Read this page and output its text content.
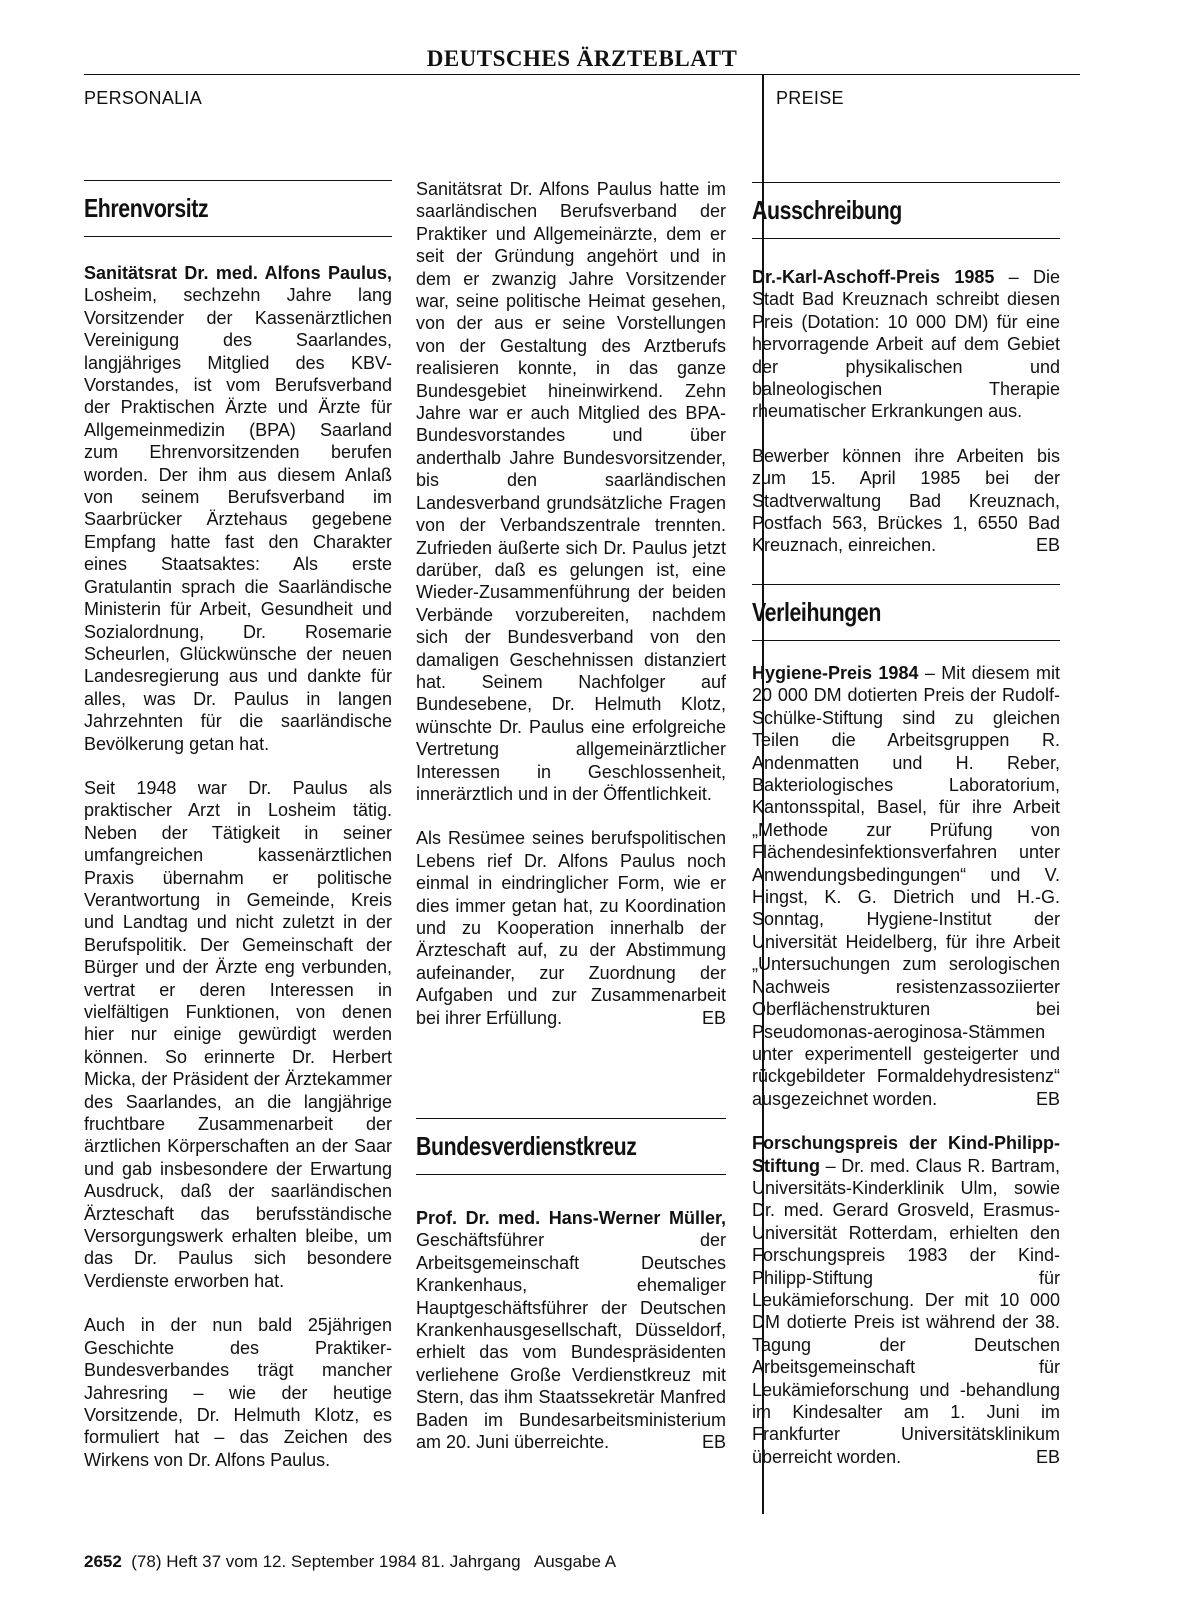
DEUTSCHES ÄRZTEBLATT
PERSONALIA	PREISE
Ehrenvorsitz

Sanitätsrat Dr. med. Alfons Paulus, Losheim, sechzehn Jahre lang Vorsitzender der Kassenärztlichen Vereinigung des Saarlandes, langjähriges Mitglied des KBV-Vorstandes, ist vom Berufsverband der Praktischen Ärzte und Ärzte für Allgemeinmedizin (BPA) Saarland zum Ehrenvorsitzenden berufen worden. Der ihm aus diesem Anlaß von seinem Berufsverband im Saarbrücker Ärztehaus gegebene Empfang hatte fast den Charakter eines Staatsaktes: Als erste Gratulantin sprach die Saarländische Ministerin für Arbeit, Gesundheit und Sozialordnung, Dr. Rosemarie Scheurlen, Glückwünsche der neuen Landesregierung aus und dankte für alles, was Dr. Paulus in langen Jahrzehnten für die saarländische Bevölkerung getan hat.

Seit 1948 war Dr. Paulus als praktischer Arzt in Losheim tätig. Neben der Tätigkeit in seiner umfangreichen kassenärztlichen Praxis übernahm er politische Verantwortung in Gemeinde, Kreis und Landtag und nicht zuletzt in der Berufspolitik. Der Gemeinschaft der Bürger und der Ärzte eng verbunden, vertrat er deren Interessen in vielfältigen Funktionen, von denen hier nur einige gewürdigt werden können. So erinnerte Dr. Herbert Micka, der Präsident der Ärztekammer des Saarlandes, an die langjährige fruchtbare Zusammenarbeit der ärztlichen Körperschaften an der Saar und gab insbesondere der Erwartung Ausdruck, daß der saarländischen Ärzteschaft das berufsständische Versorgungswerk erhalten bleibe, um das Dr. Paulus sich besondere Verdienste erworben hat.

Auch in der nun bald 25jährigen Geschichte des Praktiker-Bundesverbandes trägt mancher Jahresring – wie der heutige Vorsitzende, Dr. Helmuth Klotz, es formuliert hat – das Zeichen des Wirkens von Dr. Alfons Paulus.

Sanitätsrat Dr. Alfons Paulus hatte im saarländischen Berufsverband der Praktiker und Allgemeinärzte, dem er seit der Gründung angehört und in dem er zwanzig Jahre Vorsitzender war, seine politische Heimat gesehen, von der aus er seine Vorstellungen von der Gestaltung des Arztberufs realisieren konnte, in das ganze Bundesgebiet hineinwirkend. Zehn Jahre war er auch Mitglied des BPA-Bundesvorstandes und über anderthalb Jahre Bundesvorsitzender, bis den saarländischen Landesverband grundsätzliche Fragen von der Verbandszentrale trennten. Zufrieden äußerte sich Dr. Paulus jetzt darüber, daß es gelungen ist, eine Wieder-Zusammenführung der beiden Verbände vorzubereiten, nachdem sich der Bundesverband von den damaligen Geschehnissen distanziert hat. Seinem Nachfolger auf Bundesebene, Dr. Helmuth Klotz, wünschte Dr. Paulus eine erfolgreiche Vertretung allgemeinärztlicher Interessen in Geschlossenheit, innerärztlich und in der Öffentlichkeit.

Als Resümee seines berufspolitischen Lebens rief Dr. Alfons Paulus noch einmal in eindringlicher Form, wie er dies immer getan hat, zu Koordination und zu Kooperation innerhalb der Ärzteschaft auf, zu der Abstimmung aufeinander, zur Zuordnung der Aufgaben und zur Zusammenarbeit bei ihrer Erfüllung.	EB

Bundesverdienstkreuz

Prof. Dr. med. Hans-Werner Müller, Geschäftsführer der Arbeitsgemeinschaft Deutsches Krankenhaus, ehemaliger Hauptgeschäftsführer der Deutschen Krankenhausgesellschaft, Düsseldorf, erhielt das vom Bundespräsidenten verliehene Große Verdienstkreuz mit Stern, das ihm Staatssekretär Manfred Baden im Bundesarbeitsministerium am 20. Juni überreichte.	EB

Ausschreibung

Dr.-Karl-Aschoff-Preis 1985 – Die Stadt Bad Kreuznach schreibt diesen Preis (Dotation: 10 000 DM) für eine hervorragende Arbeit auf dem Gebiet der physikalischen und balneologischen Therapie rheumatischer Erkrankungen aus.

Bewerber können ihre Arbeiten bis zum 15. April 1985 bei der Stadtverwaltung Bad Kreuznach, Postfach 563, Brückes 1, 6550 Bad Kreuznach, einreichen.	EB

Verleihungen

Hygiene-Preis 1984 – Mit diesem mit 20 000 DM dotierten Preis der Rudolf-Schülke-Stiftung sind zu gleichen Teilen die Arbeitsgruppen R. Andenmatten und H. Reber, Bakteriologisches Laboratorium, Kantonsspital, Basel, für ihre Arbeit „Methode zur Prüfung von Flächendesinfektionsverfahren unter Anwendungsbedingungen“ und V. Hingst, K. G. Dietrich und H.-G. Sonntag, Hygiene-Institut der Universität Heidelberg, für ihre Arbeit „Untersuchungen zum serologischen Nachweis resistenzassoziierter Oberflächenstrukturen bei Pseudomonas-aeroginosa-Stämmen unter experimentell gesteigerter und rückgebildeter Formaldehydresistenz“ ausgezeichnet worden.	EB

Forschungspreis der Kind-Philipp-Stiftung – Dr. med. Claus R. Bartram, Universitäts-Kinderklinik Ulm, sowie Dr. med. Gerard Grosveld, Erasmus-Universität Rotterdam, erhielten den Forschungspreis 1983 der Kind-Philipp-Stiftung für Leukämieforschung. Der mit 10 000 DM dotierte Preis ist während der 38. Tagung der Deutschen Arbeitsgemeinschaft für Leukämieforschung und -behandlung im Kindesalter am 1. Juni im Frankfurter Universitätsklinikum überreicht worden.	EB

2652  (78) Heft 37 vom 12. September 1984 81. Jahrgang   Ausgabe A
